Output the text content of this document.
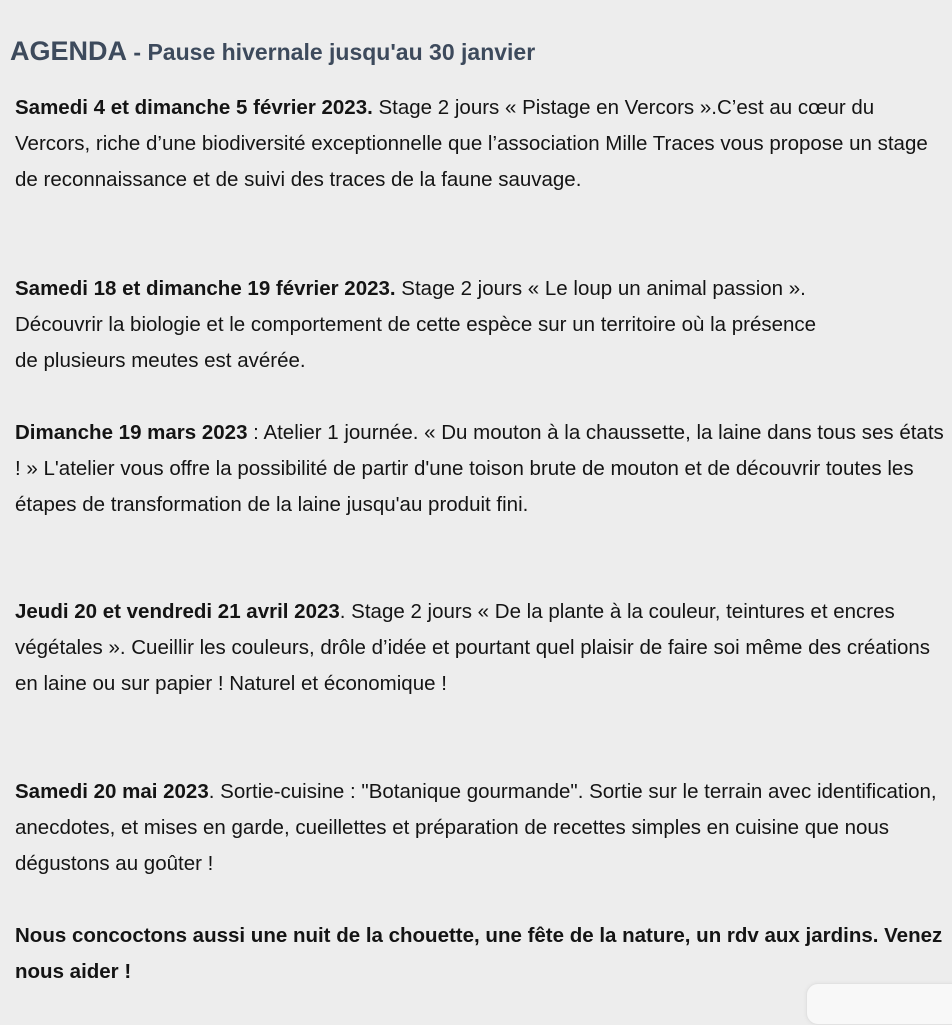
AGENDA - Pause hivernale jusqu'au 30 janvier

Samedi 4 et dimanche 5 février 2023. Stage 2 jours « Pistage en Vercors ».C’est au cœur du Vercors, riche d’une biodiversité exceptionnelle que l’association Mille Traces vous propose un stage de reconnaissance et de suivi des traces de la faune sauvage.

Samedi 18 et dimanche 19 février 2023. Stage 2 jours « Le loup un animal passion ». Découvrir la biologie et le comportement de cette espèce sur un territoire où la présence de plusieurs meutes est avérée.

Dimanche 19 mars 2023 : Atelier 1 journée. « Du mouton à la chaussette, la laine dans tous ses états ! » L'atelier vous offre la possibilité de partir d'une toison brute de mouton et de découvrir toutes les étapes de transformation de la laine jusqu'au produit fini.

Jeudi 20 et vendredi 21 avril 2023. Stage 2 jours « De la plante à la couleur, teintures et encres végétales ». Cueillir les couleurs, drôle d’idée et pourtant quel plaisir de faire soi même des créations en laine ou sur papier ! Naturel et économique !

Samedi 20 mai 2023. Sortie-cuisine : "Botanique gourmande". Sortie sur le terrain avec identification, anecdotes, et mises en garde, cueillettes et préparation de recettes simples en cuisine que nous dégustons au goûter !

Nous concoctons aussi une nuit de la chouette, une fête de la nature, un rdv aux jardins. Venez nous aider !
